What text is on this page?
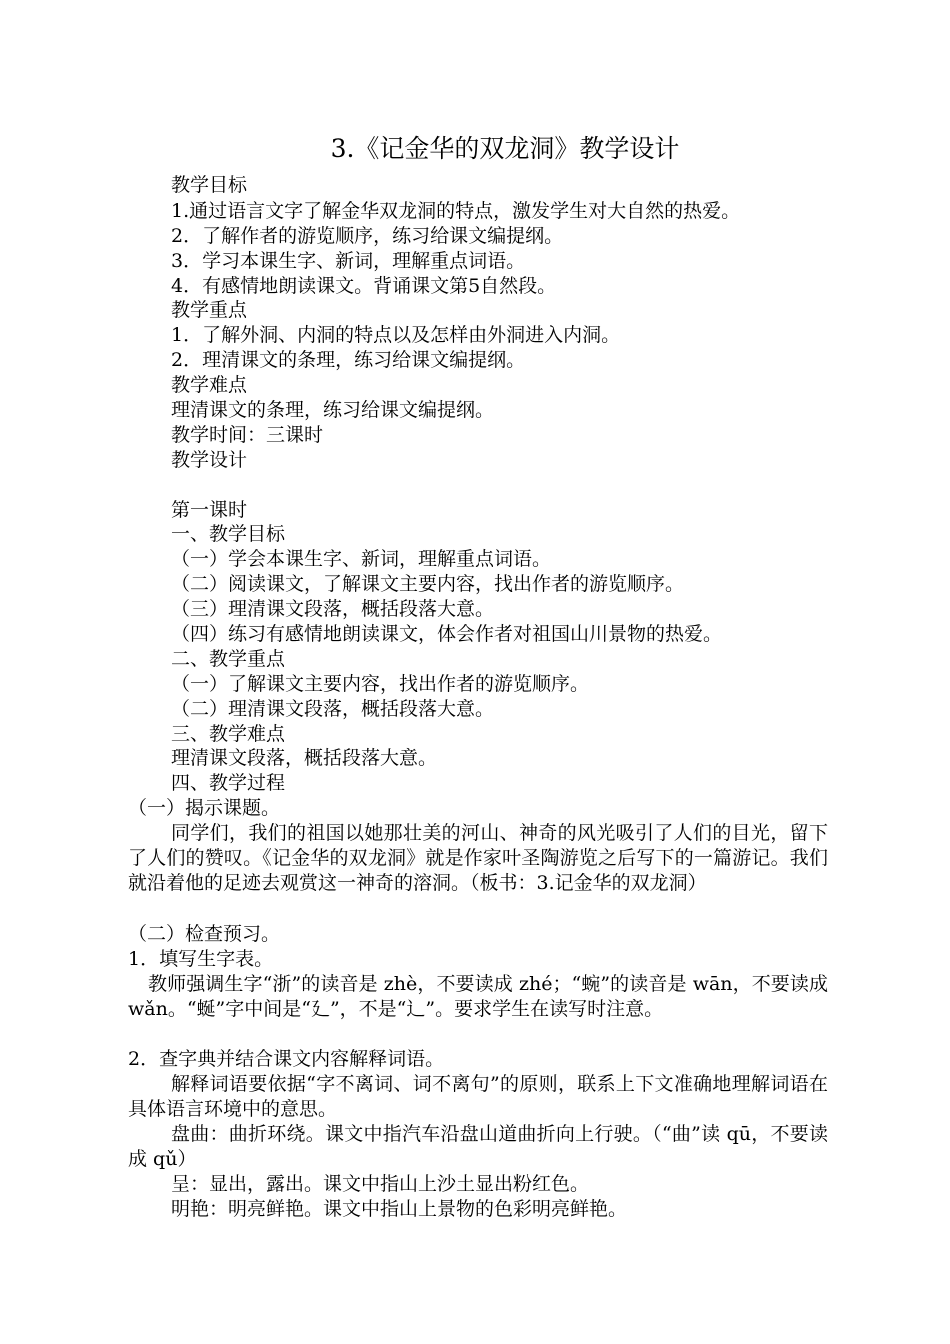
3.《记金华的双龙洞》教学设计

教学目标

1.通过语言文字了解金华双龙洞的特点，激发学生对大自然的热爱。

2．了解作者的游览顺序，练习给课文编提纲。

3．学习本课生字、新词，理解重点词语。

4．有感情地朗读课文。背诵课文第5自然段。

教学重点

1．了解外洞、内洞的特点以及怎样由外洞进入内洞。

2．理清课文的条理，练习给课文编提纲。

教学难点

理清课文的条理，练习给课文编提纲。

教学时间：三课时

教学设计

第一课时

一、教学目标

（一）学会本课生字、新词，理解重点词语。

（二）阅读课文，了解课文主要内容，找出作者的游览顺序。

（三）理清课文段落，概括段落大意。

（四）练习有感情地朗读课文，体会作者对祖国山川景物的热爱。

二、教学重点

（一）了解课文主要内容，找出作者的游览顺序。

（二）理清课文段落，概括段落大意。

三、教学难点

理清课文段落，概括段落大意。

四、教学过程

（一）揭示课题。

同学们，我们的祖国以她那壮美的河山、神奇的风光吸引了人们的目光，留下了人们的赞叹。《记金华的双龙洞》就是作家叶圣陶游览之后写下的一篇游记。我们就沿着他的足迹去观赏这一神奇的溶洞。（板书：3.记金华的双龙洞）

（二）检查预习。

1．填写生字表。

教师强调生字“浙”的读音是 zhè，不要读成 zhé；“蜿”的读音是 wān，不要读成 wǎn。“蜒”字中间是“廴”，不是“辶”。要求学生在读写时注意。

2．查字典并结合课文内容解释词语。

解释词语要依据“字不离词、词不离句”的原则，联系上下文准确地理解词语在具体语言环境中的意思。

盘曲：曲折环绕。课文中指汽车沿盘山道曲折向上行驶。（“曲”读 qū，不要读成 qǔ）

呈：显出，露出。课文中指山上沙土显出粉红色。

明艳：明亮鲜艳。课文中指山上景物的色彩明亮鲜艳。
